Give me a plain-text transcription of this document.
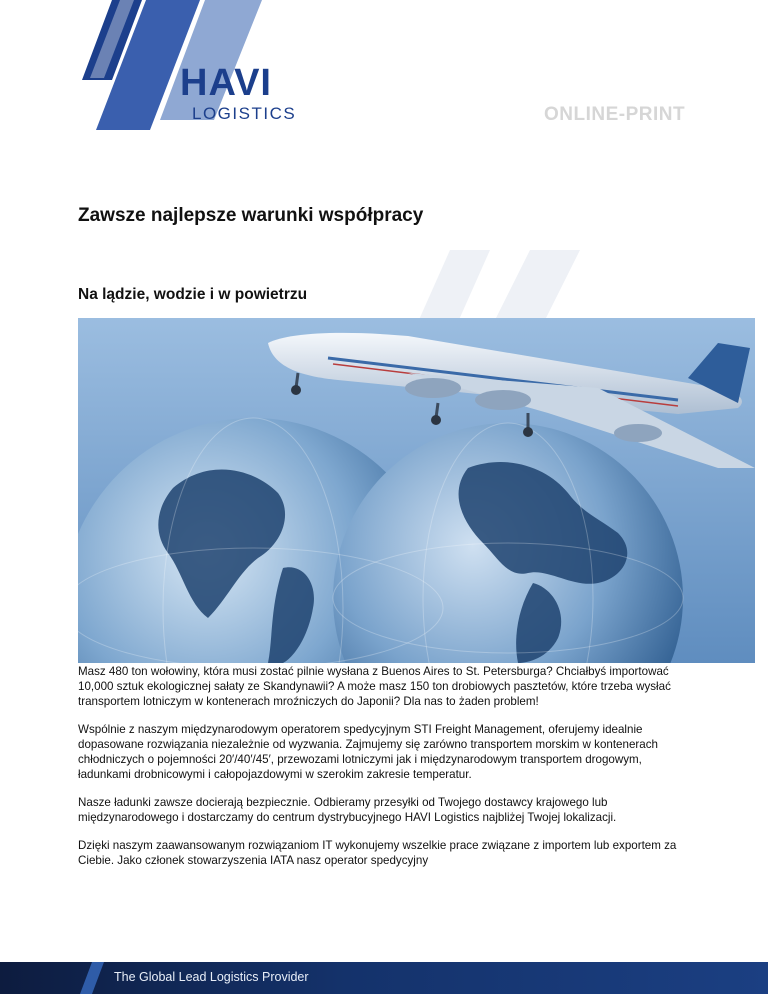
HAVI
LOGISTICS	ONLINE-PRINT
Zawsze najlepsze warunki współpracy
Na lądzie, wodzie i w powietrzu

Masz 480 ton wołowiny, która musi zostać pilnie wysłana z Buenos Aires to St. Petersburga? Chciałbyś importować 10,000 sztuk ekologicznej sałaty ze Skandynawii? A może masz 150 ton drobiowych pasztetów, które trzeba wysłać transportem lotniczym w kontenerach mroźniczych do Japonii? Dla nas to żaden problem!

Wspólnie z naszym międzynarodowym operatorem spedycyjnym STI Freight Management, oferujemy idealnie dopasowane rozwiązania niezależnie od wyzwania. Zajmujemy się zarówno transportem morskim w kontenerach chłodniczych o pojemności 20′/40′/45′, przewozami lotniczymi jak i międzynarodowym transportem drogowym, ładunkami drobnicowymi i całopojazdowymi w szerokim zakresie temperatur.

Nasze ładunki zawsze docierają bezpiecznie. Odbieramy przesyłki od Twojego dostawcy krajowego lub międzynarodowego i dostarczamy do centrum dystrybucyjnego HAVI Logistics najbliżej Twojej lokalizacji.

Dzięki naszym zaawansowanym rozwiązaniom IT wykonujemy wszelkie prace związane z importem lub exportem za Ciebie. Jako członek stowarzyszenia IATA nasz operator spedycyjny

The Global Lead Logistics Provider
